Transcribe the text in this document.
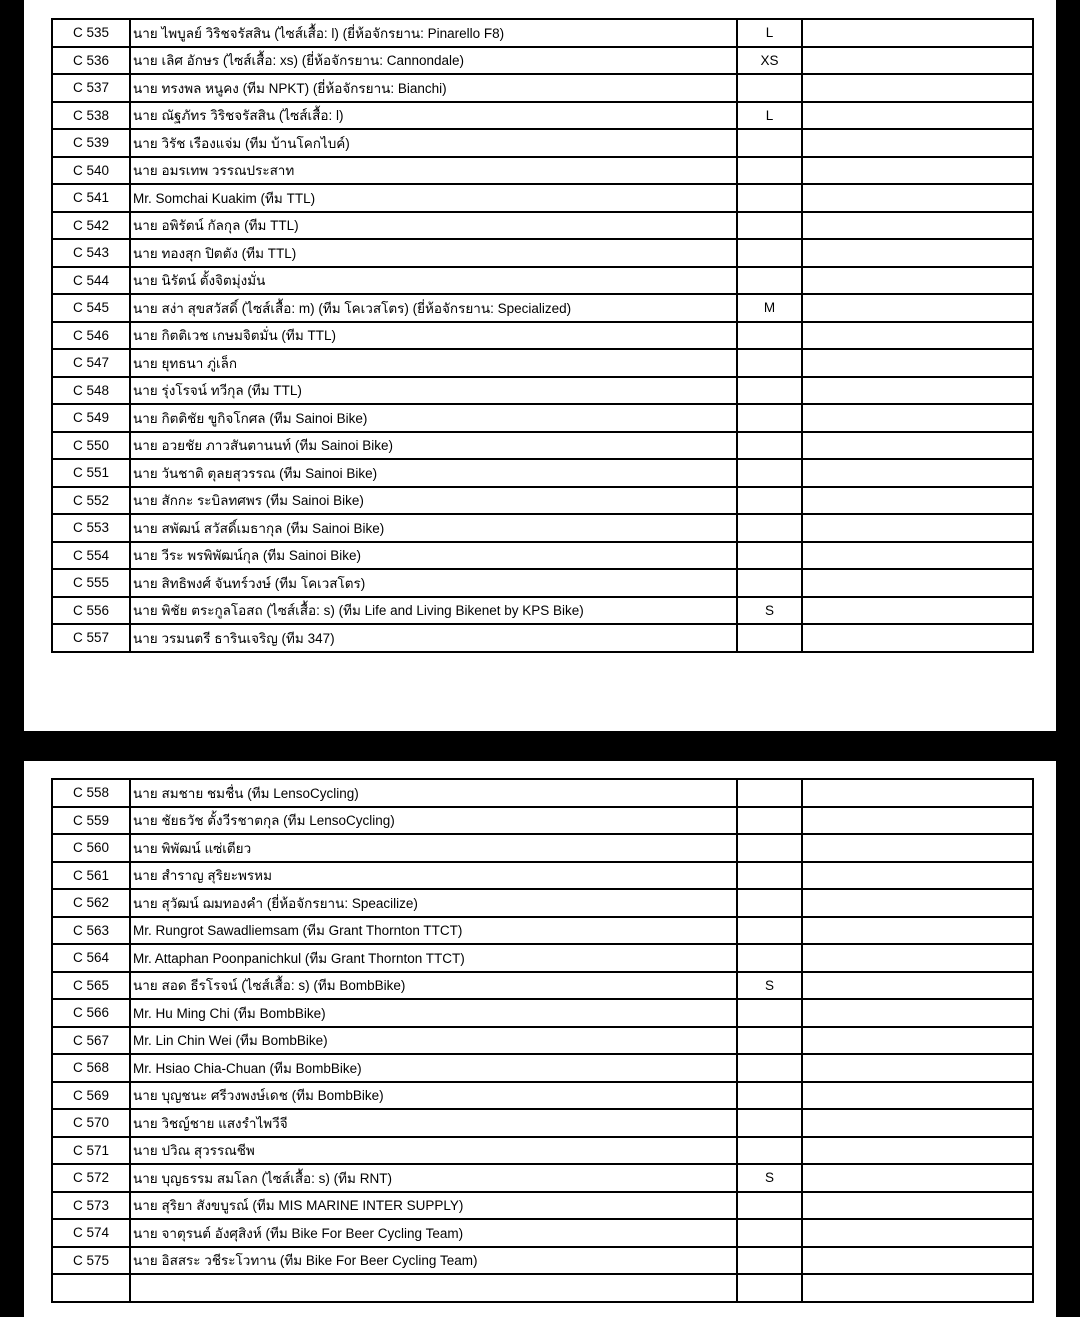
C 535	นาย ไพบูลย์ วิริชจรัสสิน (ไซส์เสื้อ: l) (ยี่ห้อจักรยาน: Pinarello F8)	L	
C 536	นาย เลิศ อักษร (ไซส์เสื้อ: xs) (ยี่ห้อจักรยาน: Cannondale)	XS	
C 537	นาย ทรงพล หนูคง (ทีม NPKT) (ยี่ห้อจักรยาน: Bianchi)		
C 538	นาย ณัฐภัทร วิริชจรัสสิน (ไซส์เสื้อ: l)	L	
C 539	นาย วิรัช เรืองแจ่ม (ทีม บ้านโคกไบค์)		
C 540	นาย อมรเทพ วรรณประสาท		
C 541	Mr. Somchai Kuakim (ทีม TTL)		
C 542	นาย อพิรัตน์ กัลกุล (ทีม TTL)		
C 543	นาย ทองสุก ปิตตัง (ทีม TTL)		
C 544	นาย นิรัตน์ ตั้งจิตมุ่งมั่น		
C 545	นาย สง่า สุขสวัสดิ์ (ไซส์เสื้อ: m) (ทีม โคเวสโตร) (ยี่ห้อจักรยาน: Specialized)	M	
C 546	นาย กิตติเวช เกษมจิตมั่น (ทีม TTL)		
C 547	นาย ยุทธนา ภู่เล็ก		
C 548	นาย รุ่งโรจน์ ทวีกุล (ทีม TTL)		
C 549	นาย กิตติชัย ขูกิจโกศล (ทีม Sainoi Bike)		
C 550	นาย อวยชัย ภาวสันตานนท์ (ทีม Sainoi Bike)		
C 551	นาย วันชาติ ตุลยสุวรรณ (ทีม Sainoi Bike)		
C 552	นาย สักกะ ระบิลทศพร (ทีม Sainoi Bike)		
C 553	นาย สพัฒน์ สวัสดิ์เมธากุล (ทีม Sainoi Bike)		
C 554	นาย วีระ พรพิพัฒน์กุล (ทีม Sainoi Bike)		
C 555	นาย สิทธิพงศ์ จันทร์วงษ์ (ทีม โคเวสโตร)		
C 556	นาย พิชัย ตระกูลโอสถ (ไซส์เสื้อ: s) (ทีม Life and Living Bikenet by KPS Bike)	S	
C 557	นาย วรมนตรี ธารินเจริญ (ทีม 347)		
C 558	นาย สมชาย ชมชื่น (ทีม LensoCycling)		
C 559	นาย ชัยธวัช ตั้งวีรชาตกุล (ทีม LensoCycling)		
C 560	นาย พิพัฒน์ แซ่เตียว		
C 561	นาย สำราญ สุริยะพรหม		
C 562	นาย สุวัฒน์ ฌมทองคำ (ยี่ห้อจักรยาน: Speacilize)		
C 563	Mr. Rungrot Sawadliemsam (ทีม Grant Thornton TTCT)		
C 564	Mr. Attaphan Poonpanichkul (ทีม Grant Thornton TTCT)		
C 565	นาย สอด ธีรโรจน์ (ไซส์เสื้อ: s) (ทีม BombBike)	S	
C 566	Mr. Hu Ming Chi (ทีม BombBike)		
C 567	Mr. Lin Chin Wei (ทีม BombBike)		
C 568	Mr. Hsiao Chia-Chuan (ทีม BombBike)		
C 569	นาย บุญชนะ ศรีวงพงษ์เดช (ทีม BombBike)		
C 570	นาย วิชญ์ชาย แสงรำไพวีจี		
C 571	นาย ปวิณ สุวรรณชีพ		
C 572	นาย บุญธรรม สมโลก (ไซส์เสื้อ: s) (ทีม RNT)	S	
C 573	นาย สุริยา สังขบูรณ์ (ทีม MIS MARINE INTER SUPPLY)		
C 574	นาย จาตุรนต์ อังศุสิงห์ (ทีม Bike For Beer Cycling Team)		
C 575	นาย อิสสระ วชีระโวทาน (ทีม Bike For Beer Cycling Team)		
